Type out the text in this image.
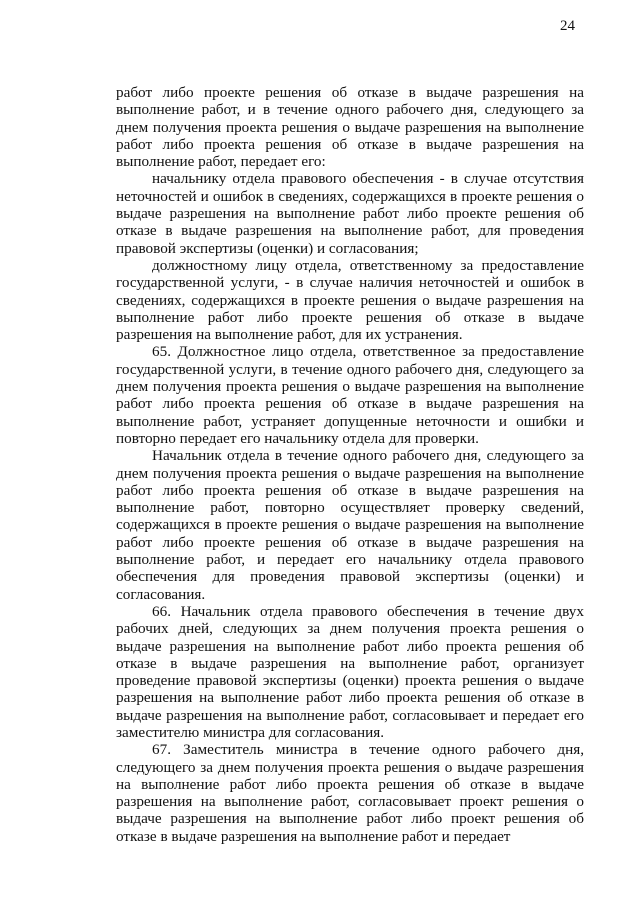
24

работ либо проекте решения об отказе в выдаче разрешения на выполнение работ, и в течение одного рабочего дня, следующего за днем получения проекта решения о выдаче разрешения на выполнение работ либо проекта решения об отказе в выдаче разрешения на выполнение работ, передает его:

начальнику отдела правового обеспечения - в случае отсутствия неточностей и ошибок в сведениях, содержащихся в проекте решения о выдаче разрешения на выполнение работ либо проекте решения об отказе в выдаче разрешения на выполнение работ, для проведения правовой экспертизы (оценки) и согласования;

должностному лицу отдела, ответственному за предоставление государственной услуги, - в случае наличия неточностей и ошибок в сведениях, содержащихся в проекте решения о выдаче разрешения на выполнение работ либо проекте решения об отказе в выдаче разрешения на выполнение работ, для их устранения.

65. Должностное лицо отдела, ответственное за предоставление государственной услуги, в течение одного рабочего дня, следующего за днем получения проекта решения о выдаче разрешения на выполнение работ либо проекта решения об отказе в выдаче разрешения на выполнение работ, устраняет допущенные неточности и ошибки и повторно передает его начальнику отдела для проверки.

Начальник отдела в течение одного рабочего дня, следующего за днем получения проекта решения о выдаче разрешения на выполнение работ либо проекта решения об отказе в выдаче разрешения на выполнение работ, повторно осуществляет проверку сведений, содержащихся в проекте решения о выдаче разрешения на выполнение работ либо проекте решения об отказе в выдаче разрешения на выполнение работ, и передает его начальнику отдела правового обеспечения для проведения правовой экспертизы (оценки) и согласования.

66. Начальник отдела правового обеспечения в течение двух рабочих дней, следующих за днем получения проекта решения о выдаче разрешения на выполнение работ либо проекта решения об отказе в выдаче разрешения на выполнение работ, организует проведение правовой экспертизы (оценки) проекта решения о выдаче разрешения на выполнение работ либо проекта решения об отказе в выдаче разрешения на выполнение работ, согласовывает и передает его заместителю министра для согласования.

67. Заместитель министра в течение одного рабочего дня, следующего за днем получения проекта решения о выдаче разрешения на выполнение работ либо проекта решения об отказе в выдаче разрешения на выполнение работ, согласовывает проект решения о выдаче разрешения на выполнение работ либо проект решения об отказе в выдаче разрешения на выполнение работ и передает
